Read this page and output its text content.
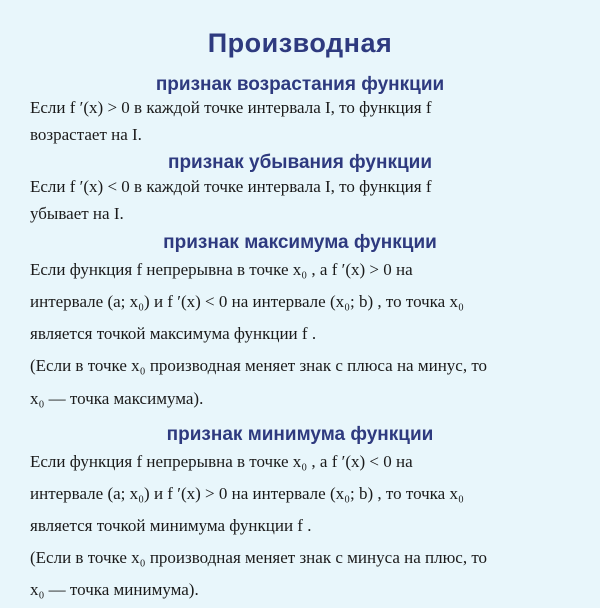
Производная
признак возрастания функции
Если f ′(x) > 0 в каждой точке интервала I, то функция f
возрастает на I.
признак убывания функции
Если f ′(x) < 0 в каждой точке интервала I, то функция f
убывает на I.
признак максимума функции
Если функция f непрерывна в точке x₀ , а f ′(x) > 0 на
интервале (a; x₀) и f ′(x) < 0 на интервале (x₀; b) , то точка x₀
является точкой максимума функции f .
(Если в точке x₀ производная меняет знак с плюса на минус, то
x₀ — точка максимума).
признак минимума функции
Если функция f непрерывна в точке x₀ , а f ′(x) < 0 на
интервале (a; x₀) и f ′(x) > 0 на интервале (x₀; b) , то точка x₀
является точкой минимума функции f .
(Если в точке x₀ производная меняет знак с минуса на плюс, то
x₀ — точка минимума).
